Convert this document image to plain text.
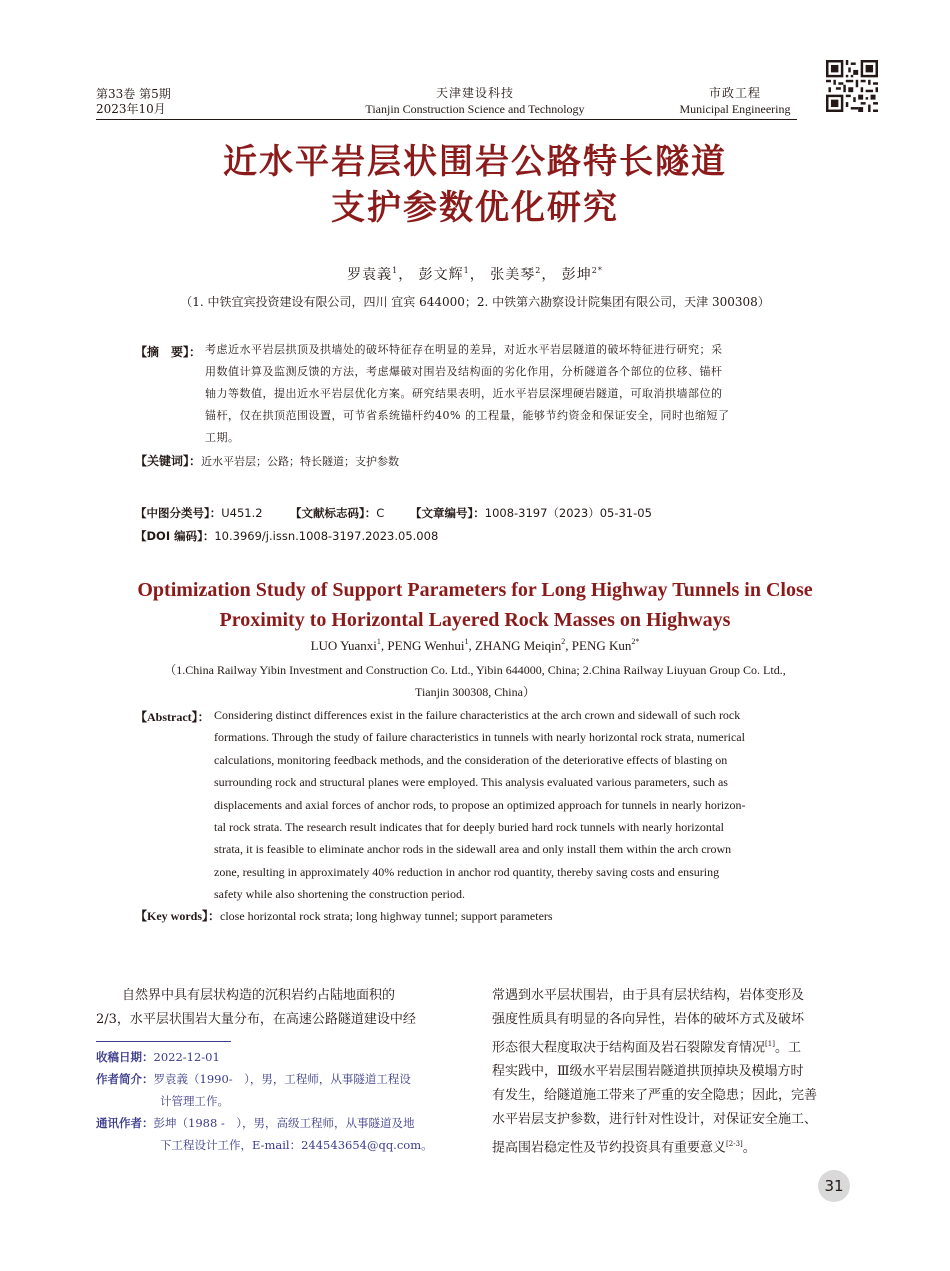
第33卷 第5期
2023年10月
天津建设科技
Tianjin Construction Science and Technology
市政工程
Municipal Engineering
近水平岩层状围岩公路特长隧道
支护参数优化研究
罗袁義$^1$， 彭文辉$^1$， 张美琴$^2$， 彭坤$^{2*}$
（1. 中铁宜宾投资建设有限公司，四川 宜宾 644000；2. 中铁第六勘察设计院集团有限公司，天津 300308）
【摘　要】： 考虑近水平岩层拱顶及拱墙处的破坏特征存在明显的差异，对近水平岩层隧道的破坏特征进行研究；采
用数值计算及监测反馈的方法，考虑爆破对围岩及结构面的劣化作用，分析隧道各个部位的位移、锚杆
轴力等数值，提出近水平岩层优化方案。研究结果表明，近水平岩层深埋硬岩隧道，可取消拱墙部位的
锚杆，仅在拱顶范围设置，可节省系统锚杆约40% 的工程量，能够节约资金和保证安全，同时也缩短了
工期。
【关键词】：近水平岩层；公路；特长隧道；支护参数
【中图分类号】：U451.2 【文献标志码】：C 【文章编号】：1008-3197（2023）05-31-05
【DOI 编码】：10.3969/j.issn.1008-3197.2023.05.008
Optimization Study of Support Parameters for Long Highway Tunnels in Close
Proximity to Horizontal Layered Rock Masses on Highways
LUO Yuanxi$^1$, PENG Wenhui$^1$, ZHANG Meiqin$^2$, PENG Kun$^{2*}$
（1.China Railway Yibin Investment and Construction Co. Ltd., Yibin 644000, China; 2.China Railway Liuyuan Group Co. Ltd.,
Tianjin 300308, China）
【Abstract】： Considering distinct differences exist in the failure characteristics at the arch crown and sidewall of such rock
formations. Through the study of failure characteristics in tunnels with nearly horizontal rock strata, numerical
calculations, monitoring feedback methods, and the consideration of the deteriorative effects of blasting on
surrounding rock and structural planes were employed. This analysis evaluated various parameters, such as
displacements and axial forces of anchor rods, to propose an optimized approach for tunnels in nearly horizon-
tal rock strata. The research result indicates that for deeply buried hard rock tunnels with nearly horizontal
strata, it is feasible to eliminate anchor rods in the sidewall area and only install them within the arch crown
zone, resulting in approximately 40% reduction in anchor rod quantity, thereby saving costs and ensuring
safety while also shortening the construction period.
【Key words】：close horizontal rock strata; long highway tunnel; support parameters
自然界中具有层状构造的沉积岩约占陆地面积的
2/3，水平层状围岩大量分布，在高速公路隧道建设中经
收稿日期：2022-12-01
作者简介：罗袁義（1990-　），男，工程师，从事隧道工程设
计管理工作。
通讯作者：彭坤（1988 -　），男，高级工程师，从事隧道及地
下工程设计工作，E-mail：244543654@qq.com。
常遇到水平层状围岩，由于具有层状结构，岩体变形及
强度性质具有明显的各向异性，岩体的破坏方式及破坏
形态很大程度取决于结构面及岩石裂隙发育情况[1]。工
程实践中，Ⅲ级水平岩层围岩隧道拱顶掉块及模塌方时
有发生，给隧道施工带来了严重的安全隐患；因此，完善
水平岩层支护参数，进行针对性设计，对保证安全施工、
提高围岩稳定性及节约投资具有重要意义[2-3]。
31
